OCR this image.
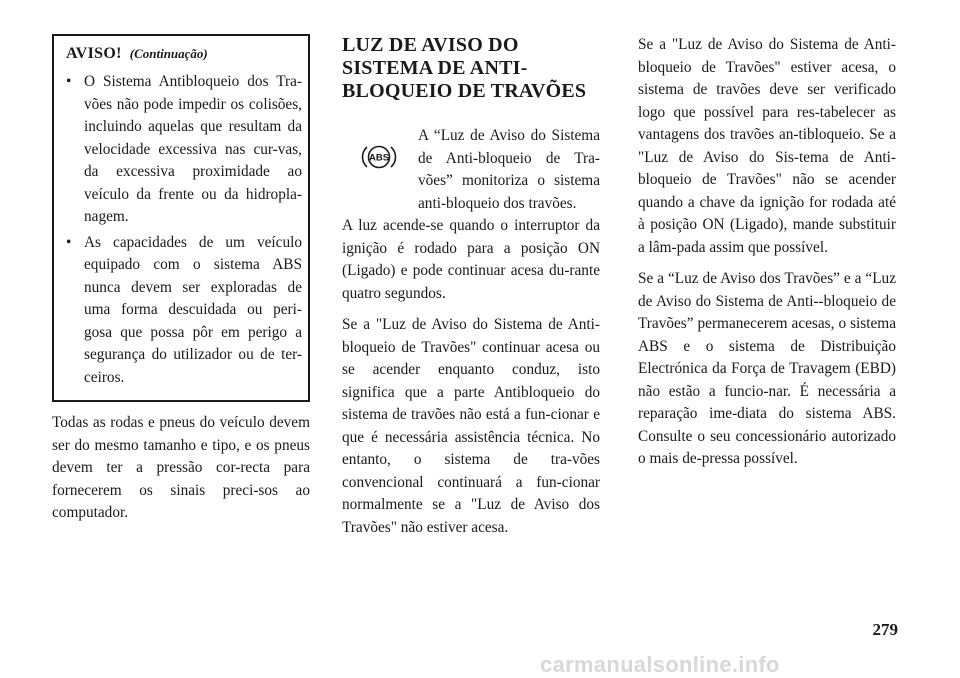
AVISO! (Continuação)
• O Sistema Antibloqueio dos Tra-vões não pode impedir os colisões, incluindo aquelas que resultam da velocidade excessiva nas cur-vas, da excessiva proximidade ao veículo da frente ou da hidropla-nagem.
• As capacidades de um veículo equipado com o sistema ABS nunca devem ser exploradas de uma forma descuidada ou peri-gosa que possa pôr em perigo a segurança do utilizador ou de ter-ceiros.

Todas as rodas e pneus do veículo devem ser do mesmo tamanho e tipo, e os pneus devem ter a pressão cor-recta para fornecerem os sinais preci-sos ao computador.

LUZ DE AVISO DO SISTEMA DE ANTI-BLOQUEIO DE TRAVÕES
ABS

A “Luz de Aviso do Sistema de Anti-bloqueio de Tra-vões” monitoriza o sistema anti-bloqueio dos travões.

A luz acende-se quando o interruptor da ignição é rodado para a posição ON (Ligado) e pode continuar acesa du-rante quatro segundos.

Se a "Luz de Aviso do Sistema de Anti-bloqueio de Travões" continuar acesa ou se acender enquanto conduz, isto significa que a parte Antibloqueio do sistema de travões não está a fun-cionar e que é necessária assistência técnica. No entanto, o sistema de tra-vões convencional continuará a fun-cionar normalmente se a "Luz de Aviso dos Travões" não estiver acesa.

Se a "Luz de Aviso do Sistema de Anti-bloqueio de Travões" estiver acesa, o sistema de travões deve ser verificado logo que possível para res-tabelecer as vantagens dos travões an-tibloqueio. Se a "Luz de Aviso do Sis-tema de Anti-bloqueio de Travões" não se acender quando a chave da ignição for rodada até à posição ON (Ligado), mande substituir a lâm-pada assim que possível.

Se a “Luz de Aviso dos Travões” e a “Luz de Aviso do Sistema de Anti--bloqueio de Travões” permanecerem acesas, o sistema ABS e o sistema de Distribuição Electrónica da Força de Travagem (EBD) não estão a funcio-nar. É necessária a reparação ime-diata do sistema ABS. Consulte o seu concessionário autorizado o mais de-pressa possível.

279
carmanualsonline.info
